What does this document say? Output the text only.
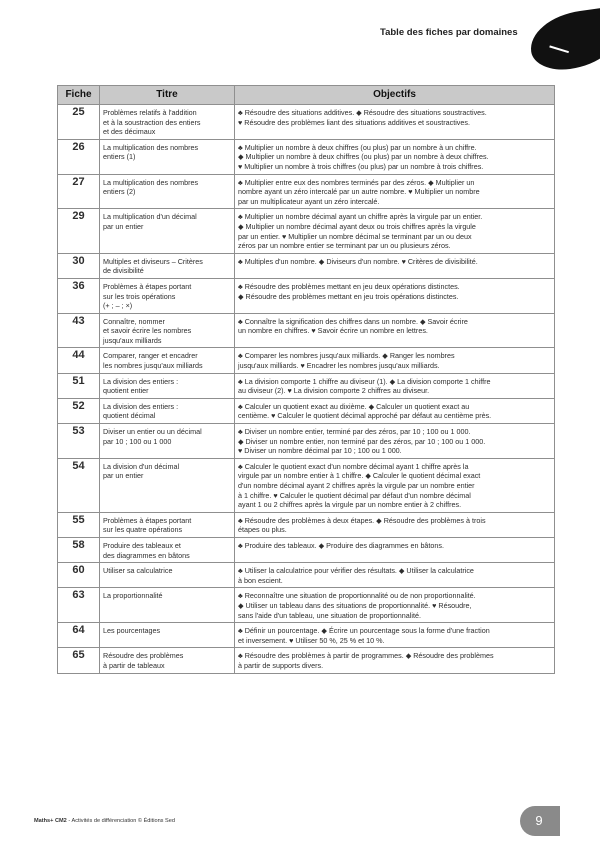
Table des fiches par domaines
Fiche	Titre	Objectifs
25	Problèmes relatifs à l'addition
et à la soustraction des entiers
et des décimaux	♣ Résoudre des situations additives. ◆ Résoudre des situations soustractives.
♥ Résoudre des problèmes liant des situations additives et soustractives.
26	La multiplication des nombres
entiers (1)	♣ Multiplier un nombre à deux chiffres (ou plus) par un nombre à un chiffre.
◆ Multiplier un nombre à deux chiffres (ou plus) par un nombre à deux chiffres.
♥ Multiplier un nombre à trois chiffres (ou plus) par un nombre à trois chiffres.
27	La multiplication des nombres
entiers (2)	♣ Multiplier entre eux des nombres terminés par des zéros. ◆ Multiplier un
nombre ayant un zéro intercalé par un autre nombre. ♥ Multiplier un nombre
par un multiplicateur ayant un zéro intercalé.
29	La multiplication d'un décimal
par un entier	♣ Multiplier un nombre décimal ayant un chiffre après la virgule par un entier.
◆ Multiplier un nombre décimal ayant deux ou trois chiffres après la virgule
par un entier. ♥ Multiplier un nombre décimal se terminant par un ou deux
zéros par un nombre entier se terminant par un ou plusieurs zéros.
30	Multiples et diviseurs – Critères
de divisibilité	♣ Multiples d'un nombre. ◆ Diviseurs d'un nombre. ♥ Critères de divisibilité.
36	Problèmes à étapes portant
sur les trois opérations
(+ ; – ; ×)	♣ Résoudre des problèmes mettant en jeu deux opérations distinctes.
◆ Résoudre des problèmes mettant en jeu trois opérations distinctes.
43	Connaître, nommer
et savoir écrire les nombres
jusqu'aux milliards	♣ Connaître la signification des chiffres dans un nombre. ◆ Savoir écrire
un nombre en chiffres. ♥ Savoir écrire un nombre en lettres.
44	Comparer, ranger et encadrer
les nombres jusqu'aux milliards	♣ Comparer les nombres jusqu'aux milliards. ◆ Ranger les nombres
jusqu'aux milliards. ♥ Encadrer les nombres jusqu'aux milliards.
51	La division des entiers :
quotient entier	♣ La division comporte 1 chiffre au diviseur (1). ◆ La division comporte 1 chiffre
au diviseur (2). ♥ La division comporte 2 chiffres au diviseur.
52	La division des entiers :
quotient décimal	♣ Calculer un quotient exact au dixième. ◆ Calculer un quotient exact au
centième. ♥ Calculer le quotient décimal approché par défaut au centième près.
53	Diviser un entier ou un décimal
par 10 ; 100 ou 1 000	♣ Diviser un nombre entier, terminé par des zéros, par 10 ; 100 ou 1 000.
◆ Diviser un nombre entier, non terminé par des zéros, par 10 ; 100 ou 1 000.
♥ Diviser un nombre décimal par 10 ; 100 ou 1 000.
54	La division d'un décimal
par un entier	♣ Calculer le quotient exact d'un nombre décimal ayant 1 chiffre après la
virgule par un nombre entier à 1 chiffre. ◆ Calculer le quotient décimal exact
d'un nombre décimal ayant 2 chiffres après la virgule par un nombre entier
à 1 chiffre. ♥ Calculer le quotient décimal par défaut d'un nombre décimal
ayant 1 ou 2 chiffres après la virgule par un nombre entier à 2 chiffres.
55	Problèmes à étapes portant
sur les quatre opérations	♣ Résoudre des problèmes à deux étapes. ◆ Résoudre des problèmes à trois
étapes ou plus.
58	Produire des tableaux et
des diagrammes en bâtons	♣ Produire des tableaux. ◆ Produire des diagrammes en bâtons.
60	Utiliser sa calculatrice	♣ Utiliser la calculatrice pour vérifier des résultats. ◆ Utiliser la calculatrice
à bon escient.
63	La proportionnalité	♣ Reconnaître une situation de proportionnalité ou de non proportionnalité.
◆ Utiliser un tableau dans des situations de proportionnalité. ♥ Résoudre,
sans l'aide d'un tableau, une situation de proportionnalité.
64	Les pourcentages	♣ Définir un pourcentage. ◆ Écrire un pourcentage sous la forme d'une fraction
et inversement. ♥ Utiliser 50 %, 25 % et 10 %.
65	Résoudre des problèmes
à partir de tableaux	♣ Résoudre des problèmes à partir de programmes. ◆ Résoudre des problèmes
à partir de supports divers.
Maths+ CM2 - Activités de différenciation © Éditions Sed	9
